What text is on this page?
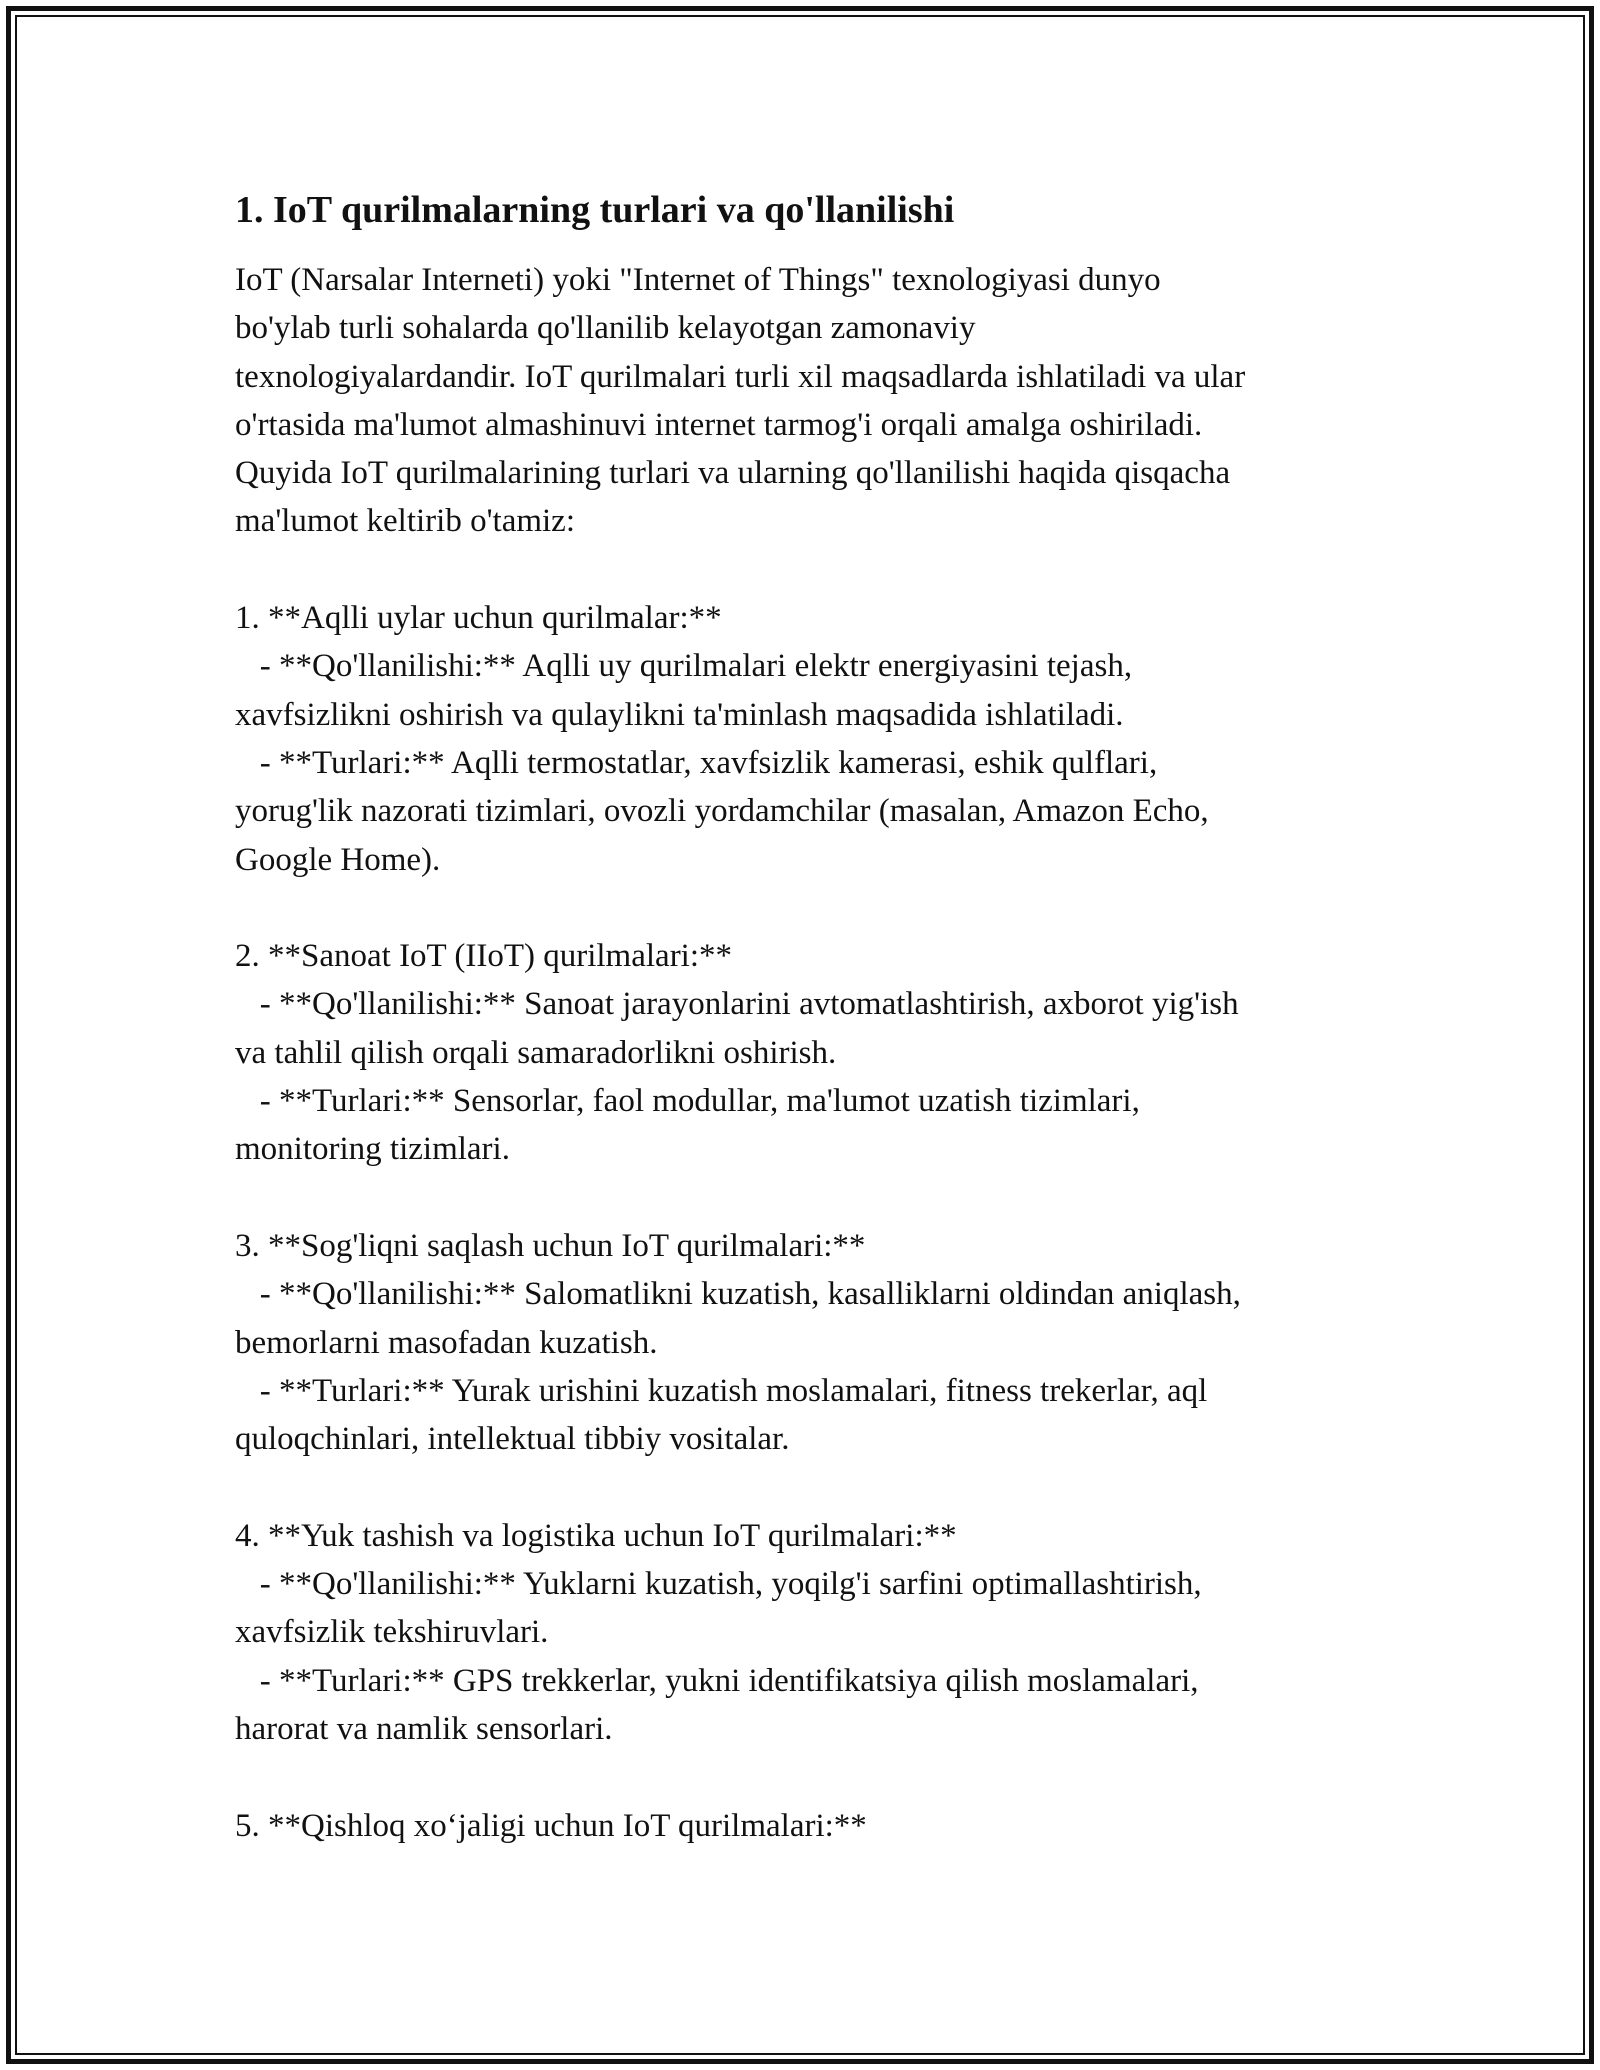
1. IoT qurilmalarning turlari va qo'llanilishi

IoT (Narsalar Interneti) yoki "Internet of Things" texnologiyasi dunyo

bo'ylab turli sohalarda qo'llanilib kelayotgan zamonaviy

texnologiyalardandir. IoT qurilmalari turli xil maqsadlarda ishlatiladi va ular

o'rtasida ma'lumot almashinuvi internet tarmog'i orqali amalga oshiriladi.

Quyida IoT qurilmalarining turlari va ularning qo'llanilishi haqida qisqacha

ma'lumot keltirib o'tamiz:

1. **Aqlli uylar uchun qurilmalar:**

- **Qo'llanilishi:** Aqlli uy qurilmalari elektr energiyasini tejash,

xavfsizlikni oshirish va qulaylikni ta'minlash maqsadida ishlatiladi.

- **Turlari:** Aqlli termostatlar, xavfsizlik kamerasi, eshik qulflari,

yorug'lik nazorati tizimlari, ovozli yordamchilar (masalan, Amazon Echo,

Google Home).

2. **Sanoat IoT (IIoT) qurilmalari:**

- **Qo'llanilishi:** Sanoat jarayonlarini avtomatlashtirish, axborot yig'ish

va tahlil qilish orqali samaradorlikni oshirish.

- **Turlari:** Sensorlar, faol modullar, ma'lumot uzatish tizimlari,

monitoring tizimlari.

3. **Sog'liqni saqlash uchun IoT qurilmalari:**

- **Qo'llanilishi:** Salomatlikni kuzatish, kasalliklarni oldindan aniqlash,

bemorlarni masofadan kuzatish.

- **Turlari:** Yurak urishini kuzatish moslamalari, fitness trekerlar, aql

quloqchinlari, intellektual tibbiy vositalar.

4. **Yuk tashish va logistika uchun IoT qurilmalari:**

- **Qo'llanilishi:** Yuklarni kuzatish, yoqilg'i sarfini optimallashtirish,

xavfsizlik tekshiruvlari.

- **Turlari:** GPS trekkerlar, yukni identifikatsiya qilish moslamalari,

harorat va namlik sensorlari.

5. **Qishloq xo‘jaligi uchun IoT qurilmalari:**
